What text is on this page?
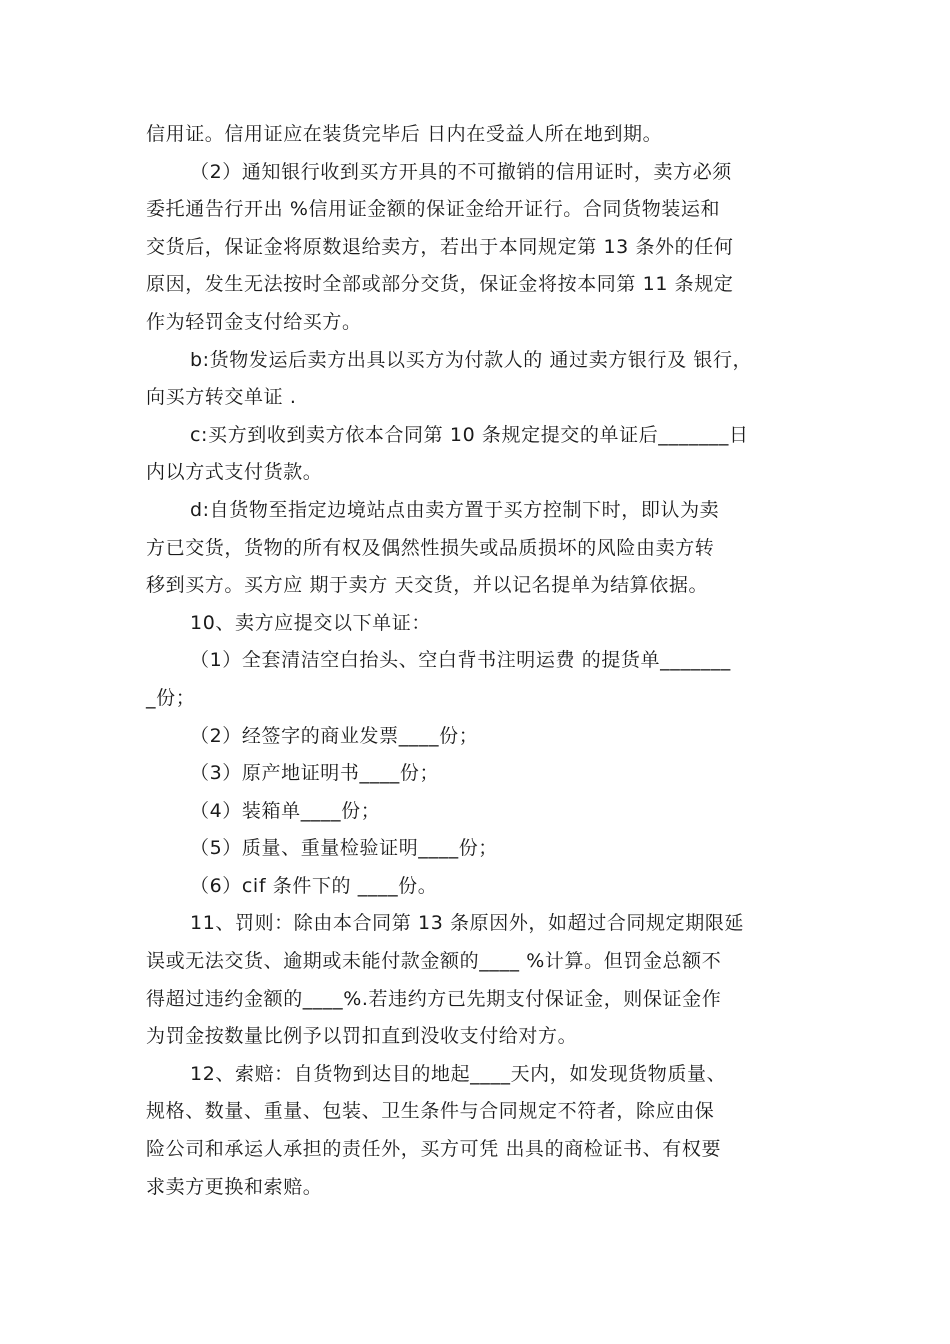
信用证。信用证应在装货完毕后 日内在受益人所在地到期。
（2）通知银行收到买方开具的不可撤销的信用证时，卖方必须
委托通告行开出 %信用证金额的保证金给开证行。合同货物装运和
交货后，保证金将原数退给卖方，若出于本同规定第 13 条外的任何
原因，发生无法按时全部或部分交货，保证金将按本同第 11 条规定
作为轻罚金支付给买方。
b:货物发运后卖方出具以买方为付款人的 通过卖方银行及 银行，
向买方转交单证 .
c:买方到收到卖方依本合同第 10 条规定提交的单证后_______日
内以方式支付货款。
d:自货物至指定边境站点由卖方置于买方控制下时，即认为卖
方已交货，货物的所有权及偶然性损失或品质损坏的风险由卖方转
移到买方。买方应 期于卖方 天交货，并以记名提单为结算依据。
10、卖方应提交以下单证：
（1）全套清洁空白抬头、空白背书注明运费 的提货单_______
_份；
（2）经签字的商业发票____份；
（3）原产地证明书____份；
（4）装箱单____份；
（5）质量、重量检验证明____份；
（6）cif 条件下的 ____份。
11、罚则：除由本合同第 13 条原因外，如超过合同规定期限延
误或无法交货、逾期或未能付款金额的____ %计算。但罚金总额不
得超过违约金额的____%.若违约方已先期支付保证金，则保证金作
为罚金按数量比例予以罚扣直到没收支付给对方。
12、索赔：自货物到达目的地起____天内，如发现货物质量、
规格、数量、重量、包装、卫生条件与合同规定不符者，除应由保
险公司和承运人承担的责任外，买方可凭 出具的商检证书、有权要
求卖方更换和索赔。
